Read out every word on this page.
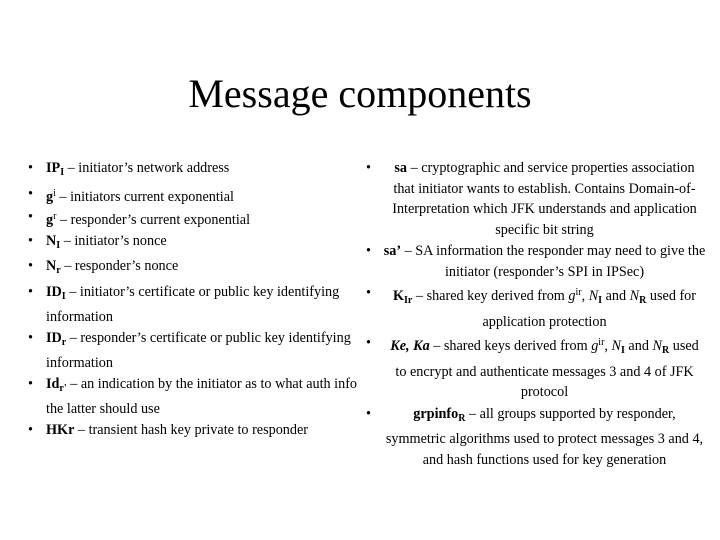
Message components
• $IP_I$ – initiator’s network address
• $g^i$ – initiators current exponential
• $g^r$ – responder’s current exponential
• $N_I$ – initiator’s nonce
• $N_r$ – responder’s nonce
• $ID_I$ – initiator’s certificate or public key identifying information
• $ID_r$ – responder’s certificate or public key identifying information
• $Id_{r'}$ – an indication by the initiator as to what auth info the latter should use
• HKr – transient hash key private to responder
• sa – cryptographic and service properties association that initiator wants to establish. Contains Domain-of-Interpretation which JFK understands and application specific bit string
• sa’ – SA information the responder may need to give the initiator (responder’s SPI in IPSec)
• $K_{Ir}$ – shared key derived from $g^{ir}$, $N_I$ and $N_R$ used for application protection
• Ke, Ka – shared keys derived from $g^{ir}$, $N_I$ and $N_R$ used to encrypt and authenticate messages 3 and 4 of JFK protocol
•	grpinfo$_R$ – all groups supported by responder, symmetric algorithms used to protect messages 3 and 4, and hash functions used for key generation
